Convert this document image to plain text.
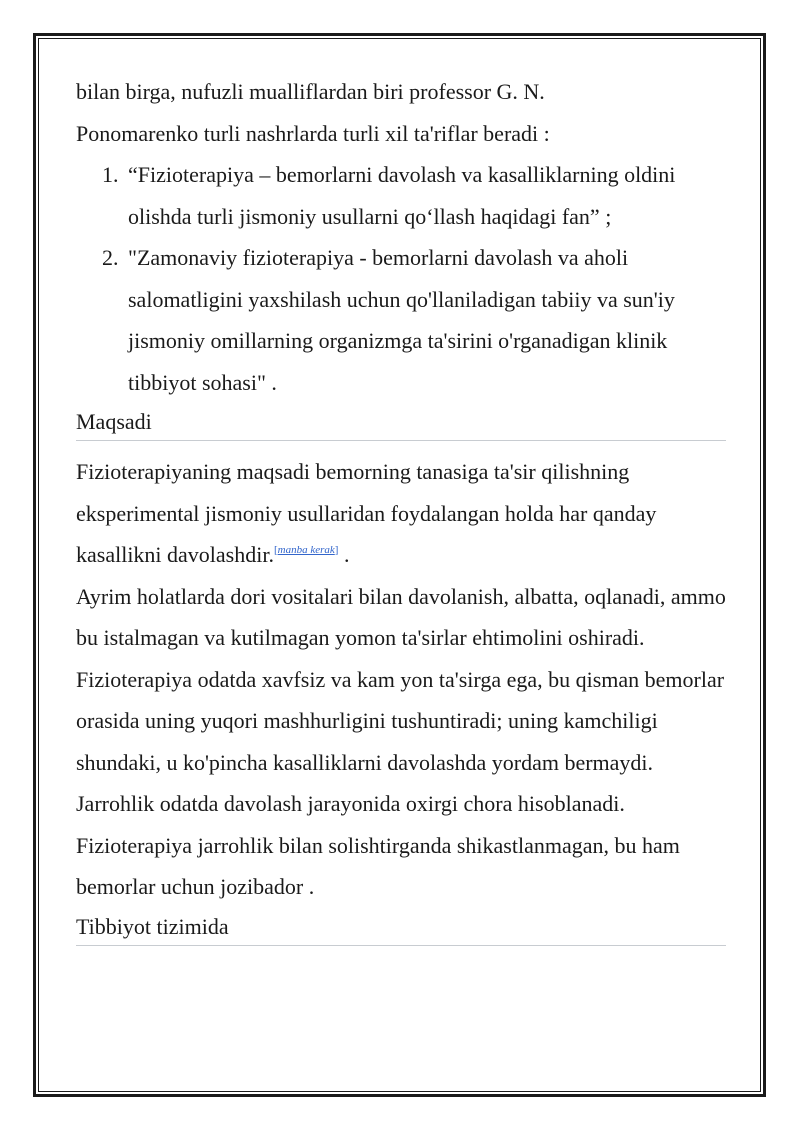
bilan birga, nufuzli mualliflardan biri professor G. N.

Ponomarenko turli nashrlarda turli xil ta'riflar beradi :

1. “Fizioterapiya – bemorlarni davolash va kasalliklarning oldini olishda turli jismoniy usullarni qo‘llash haqidagi fan” ;
2. "Zamonaviy fizioterapiya - bemorlarni davolash va aholi salomatligini yaxshilash uchun qo'llaniladigan tabiiy va sun'iy jismoniy omillarning organizmga ta'sirini o'rganadigan klinik tibbiyot sohasi" .
Maqsadi

Fizioterapiyaning maqsadi bemorning tanasiga ta'sir qilishning eksperimental jismoniy usullaridan foydalangan holda har qanday kasallikni davolashdir.[manba kerak] .

Ayrim holatlarda dori vositalari bilan davolanish, albatta, oqlanadi, ammo bu istalmagan va kutilmagan yomon ta'sirlar ehtimolini oshiradi. Fizioterapiya odatda xavfsiz va kam yon ta'sirga ega, bu qisman bemorlar orasida uning yuqori mashhurligini tushuntiradi; uning kamchiligi shundaki, u ko'pincha kasalliklarni davolashda yordam bermaydi. Jarrohlik odatda davolash jarayonida oxirgi chora hisoblanadi. Fizioterapiya jarrohlik bilan solishtirganda shikastlanmagan, bu ham bemorlar uchun jozibador .

Tibbiyot tizimida
